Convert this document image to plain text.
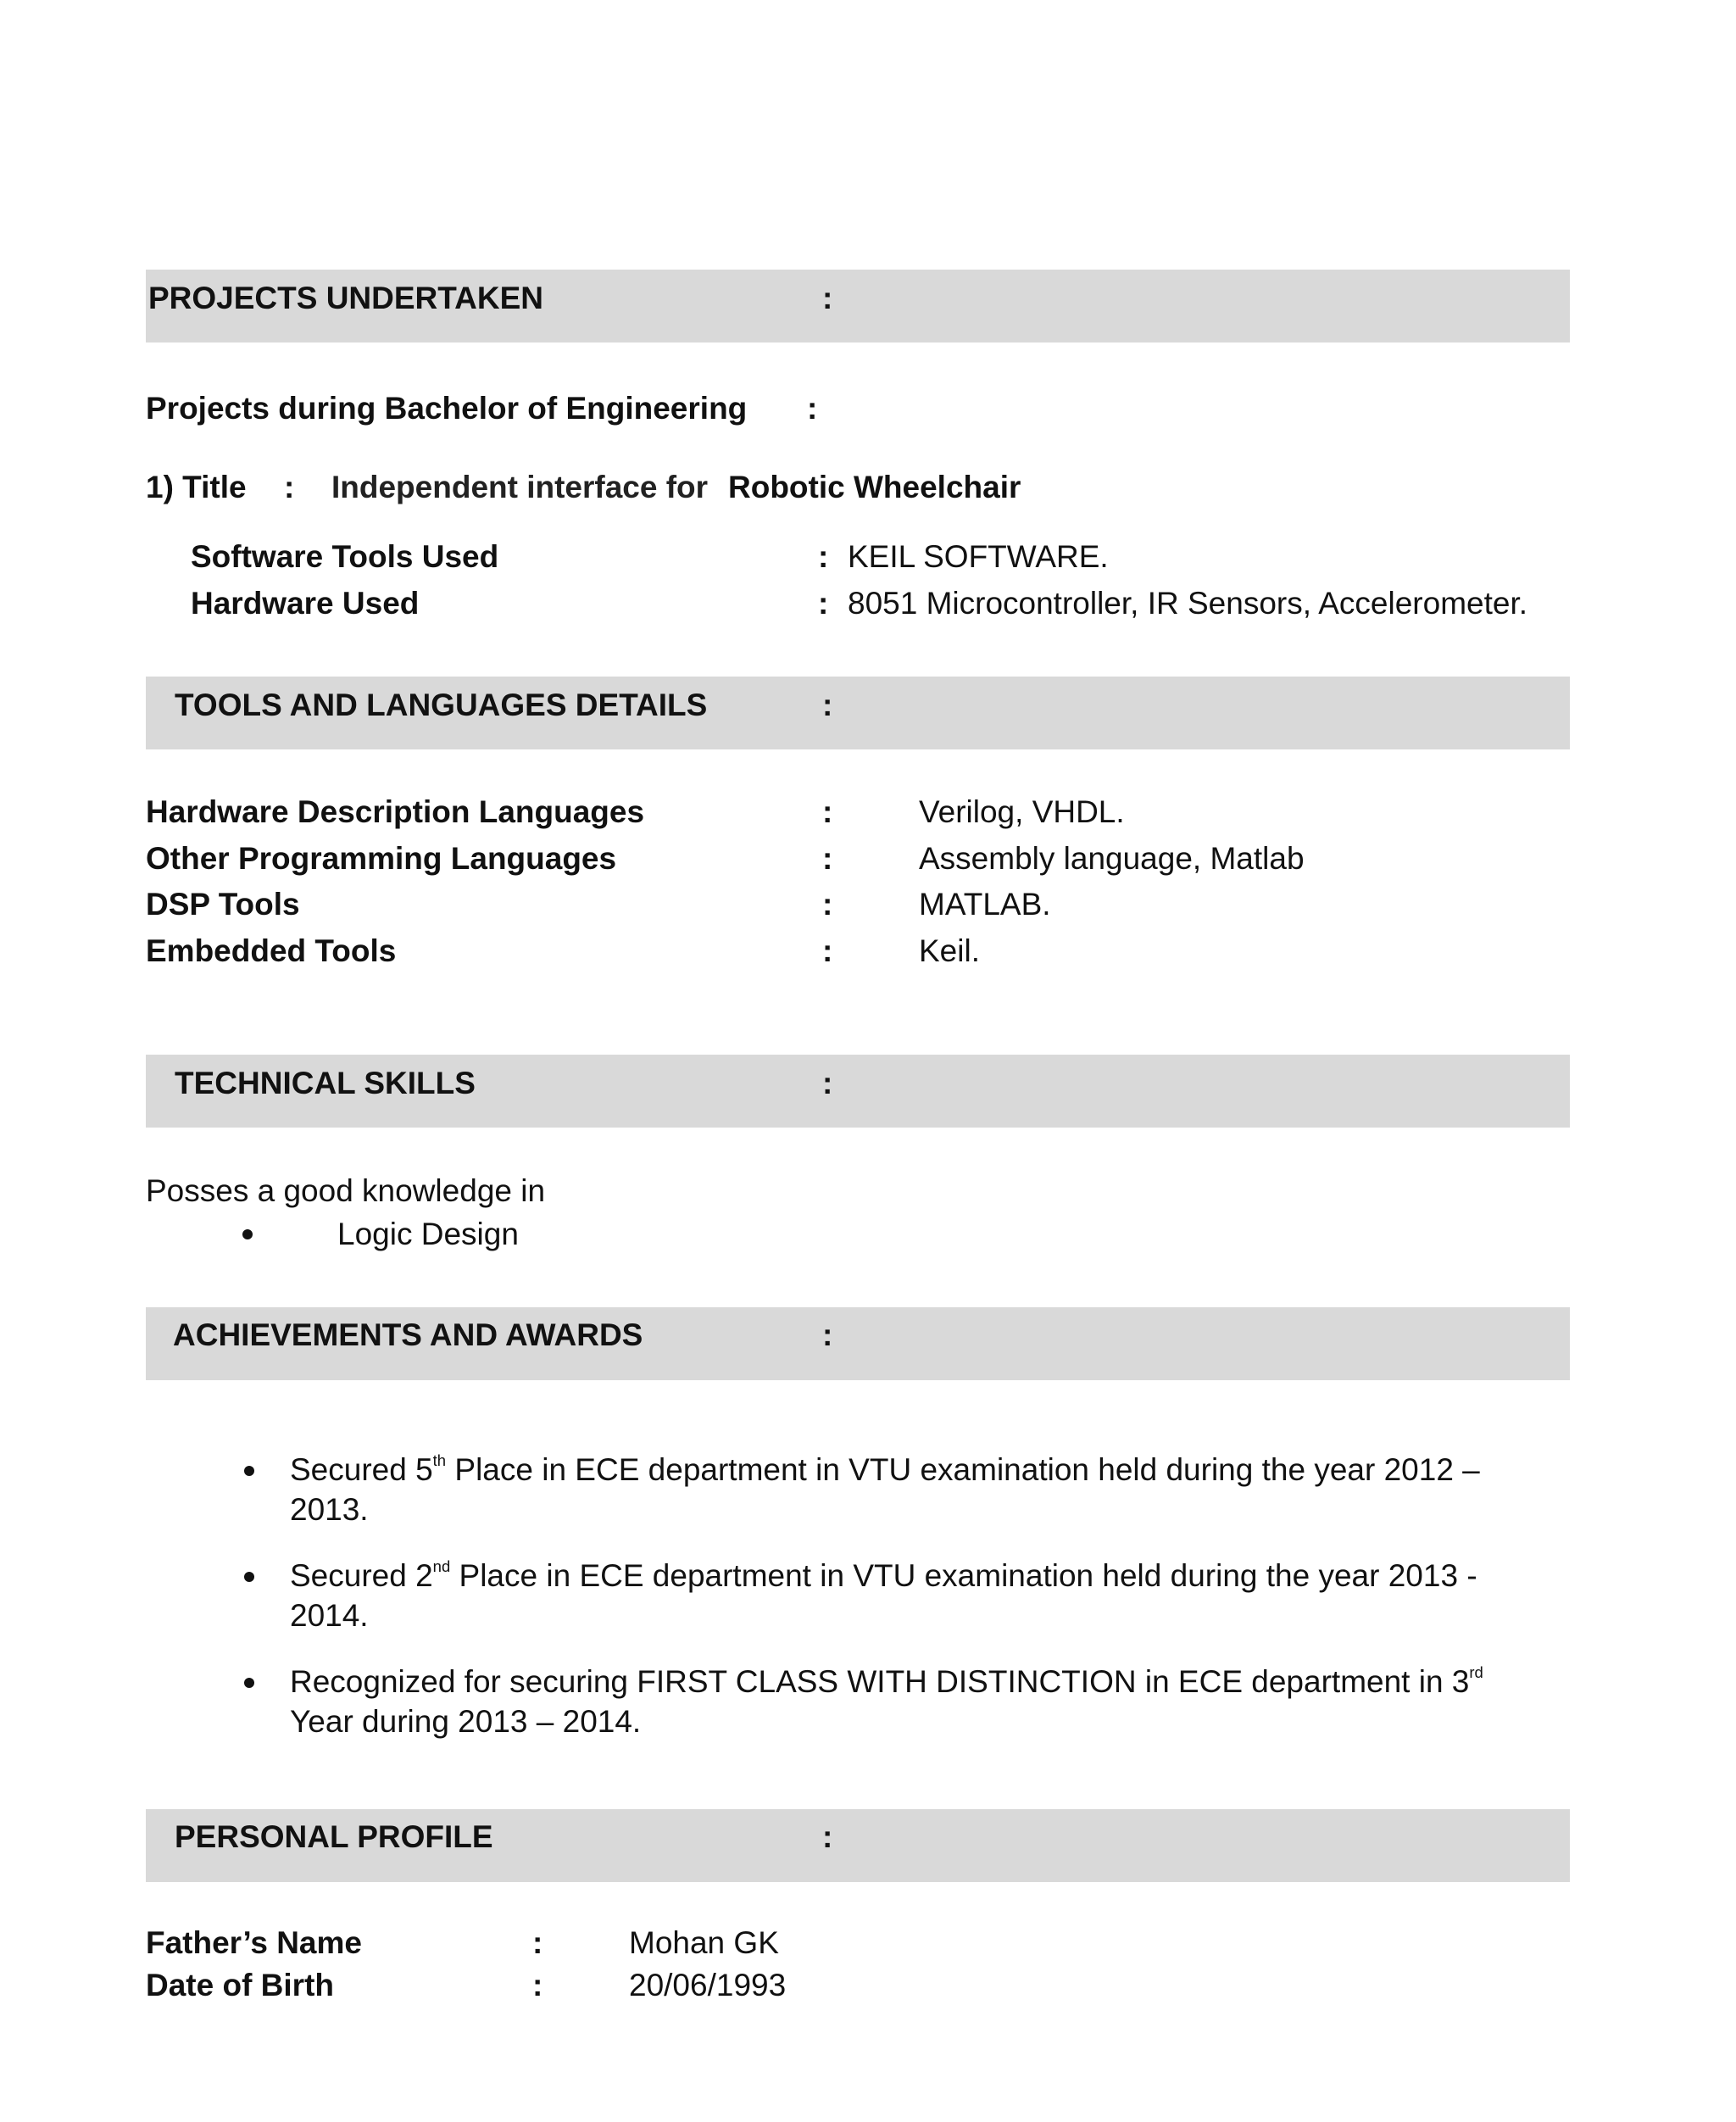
PROJECTS UNDERTAKEN	:
Projects during Bachelor of Engineering :
1) Title : Independent interface for Robotic Wheelchair
Software Tools Used	: KEIL SOFTWARE.
Hardware Used	: 8051 Microcontroller, IR Sensors, Accelerometer.
TOOLS AND LANGUAGES DETAILS	:
Hardware Description Languages	:	Verilog, VHDL.
Other Programming Languages	:	Assembly language, Matlab
DSP Tools	:	MATLAB.
Embedded Tools	:	Keil.
TECHNICAL SKILLS	:
Posses a good knowledge in
Logic Design
ACHIEVEMENTS AND AWARDS	:
Secured 5th Place in ECE department in VTU examination held during the year 2012 –
2013.
Secured 2nd Place in ECE department in VTU examination held during the year 2013 -
2014.
Recognized for securing FIRST CLASS WITH DISTINCTION in ECE department in 3rd
Year during 2013 – 2014.
PERSONAL PROFILE	:
Father’s Name	:	Mohan GK
Date of Birth	:	20/06/1993
